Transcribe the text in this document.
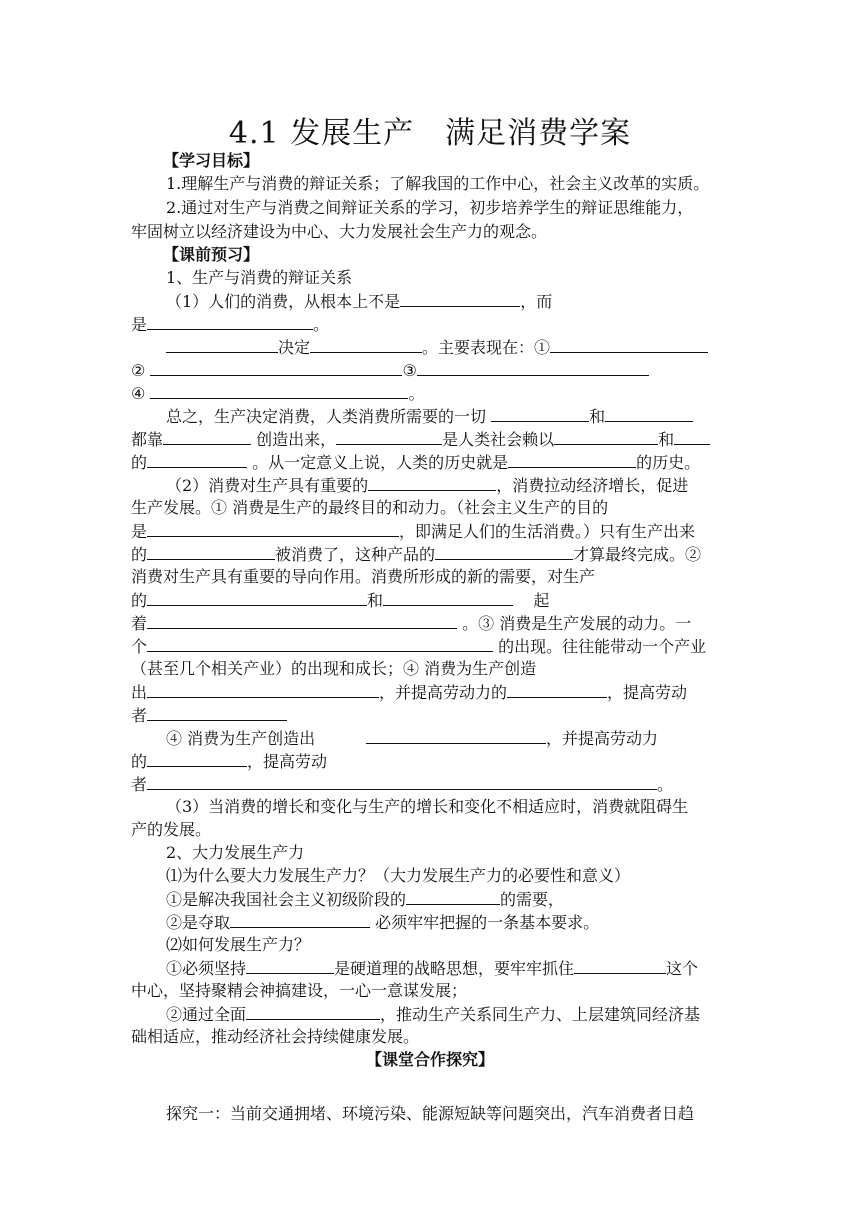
4.1 发展生产　满足消费学案
【学习目标】
1.理解生产与消费的辩证关系；了解我国的工作中心，社会主义改革的实质。
2.通过对生产与消费之间辩证关系的学习，初步培养学生的辩证思维能力，
牢固树立以经济建设为中心、大力发展社会生产力的观念。
【课前预习】
1、生产与消费的辩证关系
（1）人们的消费，从根本上不是	，而
是	。
决定	。主要表现在：①
②	③
④	。
总之，生产决定消费，人类消费所需要的一切	和
都靠	创造出来，	是人类社会赖以	和
的	。从一定意义上说，人类的历史就是	的历史。
（2）消费对生产具有重要的	，消费拉动经济增长，促进
生产发展。① 消费是生产的最终目的和动力。（社会主义生产的目的
是	，即满足人们的生活消费。）只有生产出来
的	被消费了，这种产品的	才算最终完成。②
消费对生产具有重要的导向作用。消费所形成的新的需要，对生产
的	和	起
着	。③ 消费是生产发展的动力。一
个	的出现。往往能带动一个产业
（甚至几个相关产业）的出现和成长；④ 消费为生产创造
出	，并提高劳动力的	，提高劳动
者
④ 消费为生产创造出	，并提高劳动力
的	，提高劳动
者	。
（3）当消费的增长和变化与生产的增长和变化不相适应时，消费就阻碍生
产的发展。
2、大力发展生产力
⑴为什么要大力发展生产力？（大力发展生产力的必要性和意义）
①是解决我国社会主义初级阶段的	的需要，
②是夺取	必须牢牢把握的一条基本要求。
⑵如何发展生产力？
①必须坚持	是硬道理的战略思想，要牢牢抓住	这个
中心，坚持聚精会神搞建设，一心一意谋发展；
②通过全面	，推动生产关系同生产力、上层建筑同经济基
础相适应，推动经济社会持续健康发展。
【课堂合作探究】
探究一：当前交通拥堵、环境污染、能源短缺等问题突出，汽车消费者日趋
